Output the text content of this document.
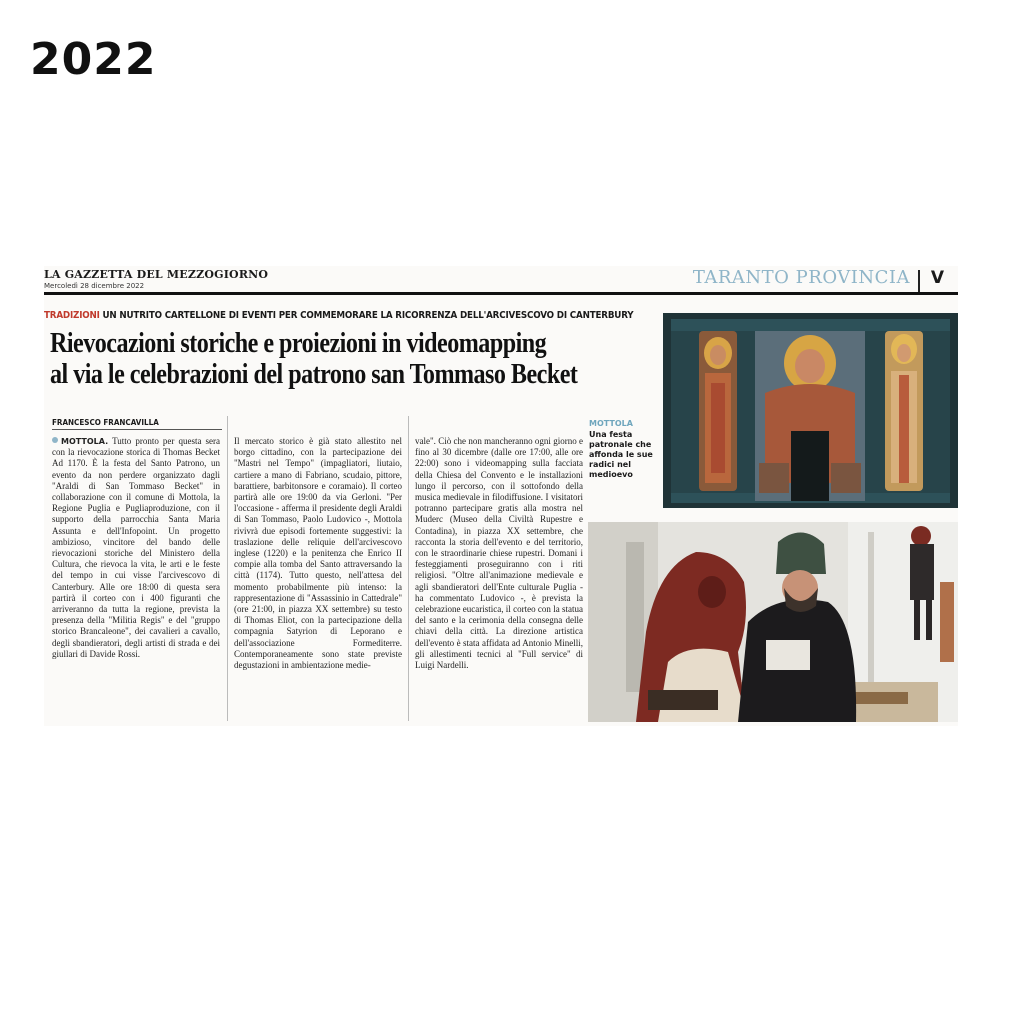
2022
LA GAZZETTA DEL MEZZOGIORNO
Mercoledì 28 dicembre 2022	TARANTO PROVINCIA V
TRADIZIONI UN NUTRITO CARTELLONE DI EVENTI PER COMMEMORARE LA RICORRENZA DELL'ARCIVESCOVO DI CANTERBURY
Rievocazioni storiche e proiezioni in videomapping
al via le celebrazioni del patrono san Tommaso Becket
FRANCESCO FRANCAVILLA

MOTTOLA. Tutto pronto per questa sera con la rievocazione storica di Thomas Becket Ad 1170. È la festa del Santo Patrono, un evento da non perdere organizzato dagli "Araldi di San Tommaso Becket" in collaborazione con il comune di Mottola, la Regione Puglia e Pugliaproduzione, con il supporto della parrocchia Santa Maria Assunta e dell'Infopoint. Un progetto ambizioso, vincitore del bando delle rievocazioni storiche del Ministero della Cultura, che rievoca la vita, le arti e le feste del tempo in cui visse l'arcivescovo di Canterbury. Alle ore 18:00 di questa sera partirà il corteo con i 400 figuranti che arriveranno da tutta la regione, prevista la presenza della "Militia Regis" e del "gruppo storico Brancaleone", dei cavalieri a cavallo, degli sbandieratori, degli artisti di strada e dei giullari di Davide Rossi.

Il mercato storico è già stato allestito nel borgo cittadino, con la partecipazione dei "Mastri nel Tempo" (impagliatori, liutaio, cartiere a mano di Fabriano, scudaio, pittore, barattiere, barbitonsore e coramaio). Il corteo partirà alle ore 19:00 da via Gerloni. "Per l'occasione - afferma il presidente degli Araldi di San Tommaso, Paolo Ludovico -, Mottola rivivrà due episodi fortemente suggestivi: la traslazione delle reliquie dell'arcivescovo inglese (1220) e la penitenza che Enrico II compie alla tomba del Santo attraversando la città (1174). Tutto questo, nell'attesa del momento probabilmente più intenso: la rappresentazione di "Assassinio in Cattedrale" (ore 21:00, in piazza XX settembre) su testo di Thomas Eliot, con la partecipazione della compagnia Satyrion di Leporano e dell'associazione Formediterre. Contemporaneamente sono state previste degustazioni in ambientazione medie-

vale". Ciò che non mancheranno ogni giorno e fino al 30 dicembre (dalle ore 17:00, alle ore 22:00) sono i videomapping sulla facciata della Chiesa del Convento e le installazioni lungo il percorso, con il sottofondo della musica medievale in filodiffusione. I visitatori potranno partecipare gratis alla mostra nel Muderc (Museo della Civiltà Rupestre e Contadina), in piazza XX settembre, che racconta la storia dell'evento e del territorio, con le straordinarie chiese rupestri. Domani i festeggiamenti proseguiranno con i riti religiosi. "Oltre all'animazione medievale e agli sbandieratori dell'Ente culturale Puglia - ha commentato Ludovico -, è prevista la celebrazione eucaristica, il corteo con la statua del santo e la cerimonia della consegna delle chiavi della città. La direzione artistica dell'evento è stata affidata ad Antonio Minelli, gli allestimenti tecnici al "Full service" di Luigi Nardelli.

MOTTOLA
Una festa patronale che affonda le sue radici nel medioevo
